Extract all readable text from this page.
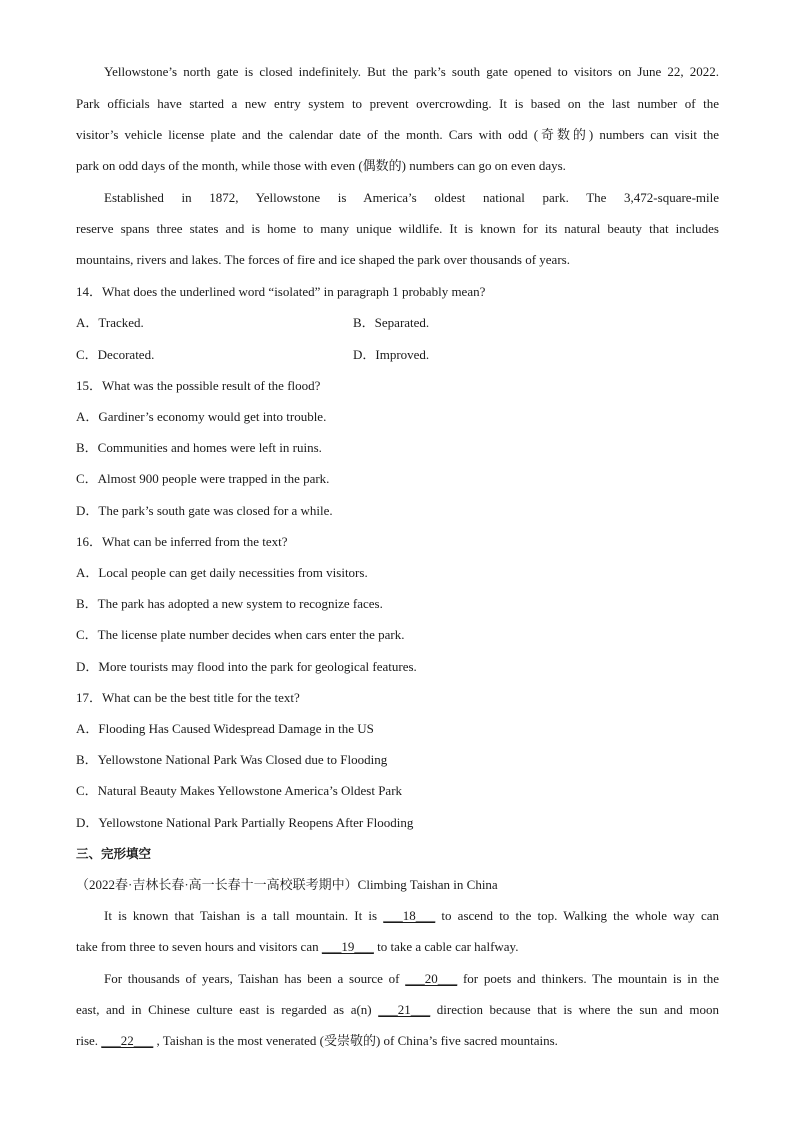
Yellowstone’s north gate is closed indefinitely. But the park’s south gate opened to visitors on June 22, 2022.
Park officials have started a new entry system to prevent overcrowding. It is based on the last number of the
visitor’s vehicle license plate and the calendar date of the month. Cars with odd (奇数的) numbers can visit the
park on odd days of the month, while those with even (偶数的) numbers can go on even days.
Established in 1872, Yellowstone is America’s oldest national park. The 3,472-square-mile
reserve spans three states and is home to many unique wildlife. It is known for its natural beauty that includes
mountains, rivers and lakes. The forces of fire and ice shaped the park over thousands of years.
14．What does the underlined word “isolated” in paragraph 1 probably mean?
A．Tracked.	B．Separated.
C．Decorated.	D．Improved.
15．What was the possible result of the flood?
A．Gardiner’s economy would get into trouble.
B．Communities and homes were left in ruins.
C．Almost 900 people were trapped in the park.
D．The park’s south gate was closed for a while.
16．What can be inferred from the text?
A．Local people can get daily necessities from visitors.
B．The park has adopted a new system to recognize faces.
C．The license plate number decides when cars enter the park.
D．More tourists may flood into the park for geological features.
17．What can be the best title for the text?
A．Flooding Has Caused Widespread Damage in the US
B．Yellowstone National Park Was Closed due to Flooding
C．Natural Beauty Makes Yellowstone America’s Oldest Park
D．Yellowstone National Park Partially Reopens After Flooding
三、完形填空
（2022春·吉林长春·高一长春十一高校联考期中）Climbing Taishan in China
It is known that Taishan is a tall mountain. It is ___18___ to ascend to the top. Walking the whole way can
take from three to seven hours and visitors can ___19___ to take a cable car halfway.
For thousands of years, Taishan has been a source of ___20___ for poets and thinkers. The mountain is in the
east, and in Chinese culture east is regarded as a(n) ___21___ direction because that is where the sun and moon
rise. ___22___ , Taishan is the most venerated (受崇敬的) of China’s five sacred mountains.
